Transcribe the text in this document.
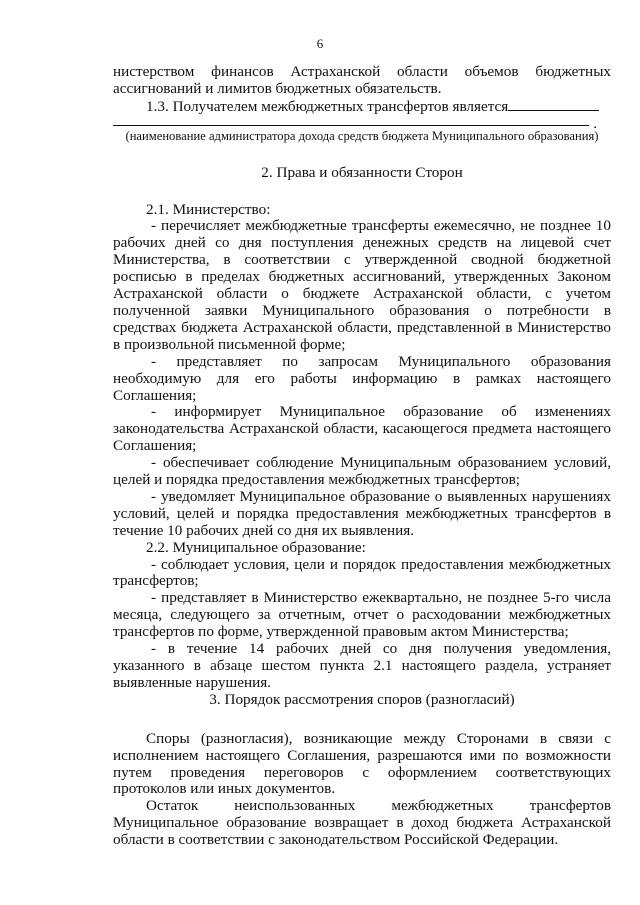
6

нистерством финансов Астраханской области объемов бюджетных ассигнований и лимитов бюджетных обязательств.

1.3. Получателем межбюджетных трансфертов является

.
(наименование администратора дохода средств бюджета Муниципального образования)
2. Права и обязанности Сторон

2.1. Министерство:

- перечисляет межбюджетные трансферты ежемесячно, не позднее 10 рабочих дней со дня поступления денежных средств на лицевой счет Министерства, в соответствии с утвержденной сводной бюджетной росписью в пределах бюджетных ассигнований, утвержденных Законом Астраханской области о бюджете Астраханской области, с учетом полученной заявки Муниципального образования о потребности в средствах бюджета Астраханской области, представленной в Министерство в произвольной письменной форме;

- представляет по запросам Муниципального образования необходимую для его работы информацию в рамках настоящего Соглашения;

- информирует Муниципальное образование об изменениях законодательства Астраханской области, касающегося предмета настоящего Соглашения;

- обеспечивает соблюдение Муниципальным образованием условий, целей и порядка предоставления межбюджетных трансфертов;

- уведомляет Муниципальное образование о выявленных нарушениях условий, целей и порядка предоставления межбюджетных трансфертов в течение 10 рабочих дней со дня их выявления.

2.2. Муниципальное образование:

- соблюдает условия, цели и порядок предоставления межбюджетных трансфертов;

- представляет в Министерство ежеквартально, не позднее 5-го числа месяца, следующего за отчетным, отчет о расходовании межбюджетных трансфертов по форме, утвержденной правовым актом Министерства;

- в течение 14 рабочих дней со дня получения уведомления, указанного в абзаце шестом пункта 2.1 настоящего раздела, устраняет выявленные нарушения.

3. Порядок рассмотрения споров (разногласий)

Споры (разногласия), возникающие между Сторонами в связи с исполнением настоящего Соглашения, разрешаются ими по возможности путем проведения переговоров с оформлением соответствующих протоколов или иных документов.

Остаток неиспользованных межбюджетных трансфертов Муниципальное образование возвращает в доход бюджета Астраханской области в соответствии с законодательством Российской Федерации.
